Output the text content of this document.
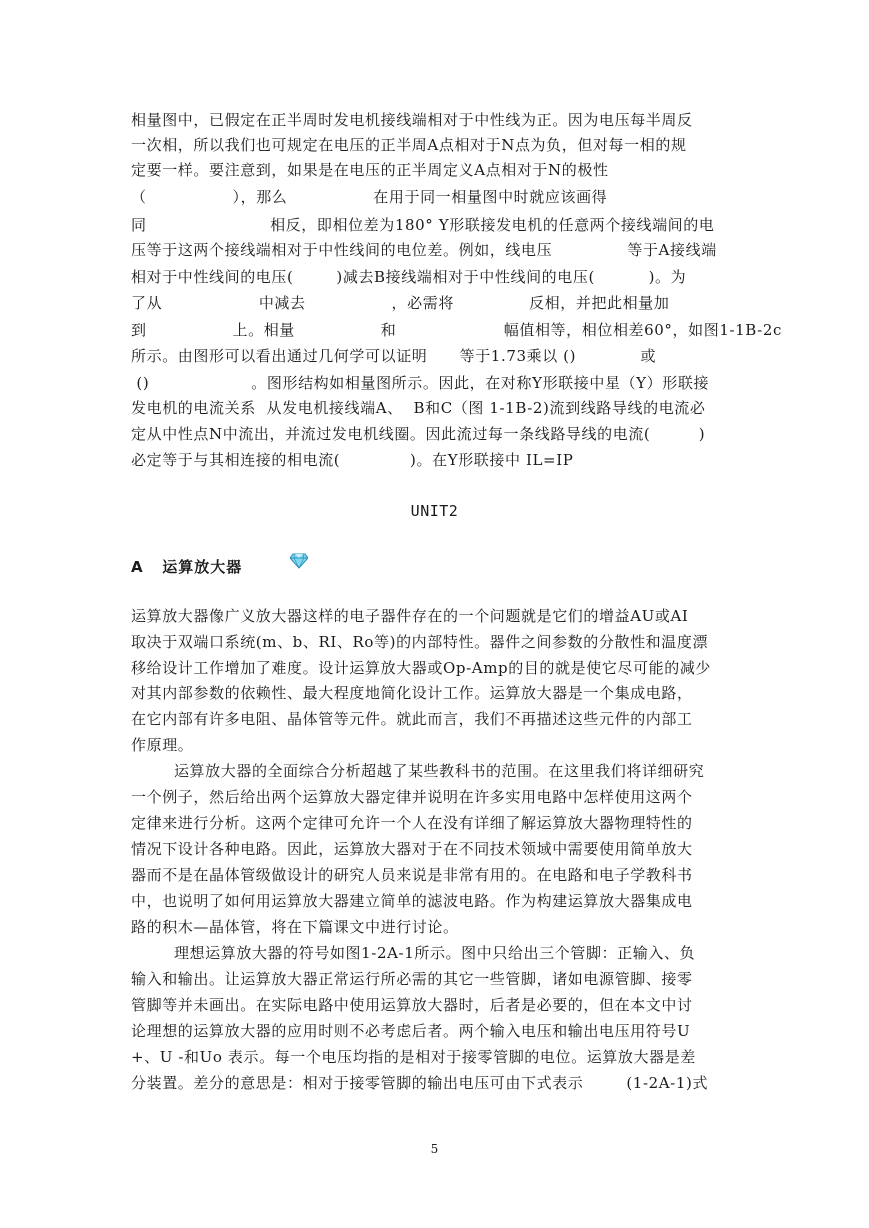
相量图中，已假定在正半周时发电机接线端相对于中性线为正。因为电压每半周反
一次相，所以我们也可规定在电压的正半周A点相对于N点为负，但对每一相的规
定要一样。要注意到，如果是在电压的正半周定义A点相对于N的极性
（                ），那么                在用于同一相量图中时就应该画得
同                       相反，即相位差为180° Y形联接发电机的任意两个接线端间的电
压等于这两个接线端相对于中性线间的电位差。例如，线电压              等于A接线端
相对于中性线间的电压(        )减去B接线端相对于中性线间的电压(          )。为
了从                  中减去                ，必需将              反相，并把此相量加
到                上。相量                和                    幅值相等，相位相差60°，如图1-1B-2c
所示。由图形可以看出通过几何学可以证明      等于1.73乘以 ()            或
()                   。图形结构如相量图所示。因此，在对称Y形联接中星（Y）形联接
发电机的电流关系  从发电机接线端A、  B和C（图 1-1B-2)流到线路导线的电流必
定从中性点N中流出，并流过发电机线圈。因此流过每一条线路导线的电流(         )
必定等于与其相连接的相电流(             )。在Y形联接中 IL=IP
UNIT2
A   运算放大器
运算放大器像广义放大器这样的电子器件存在的一个问题就是它们的增益AU或AI
取决于双端口系统(m、b、RI、Ro等)的内部特性。器件之间参数的分散性和温度漂
移给设计工作增加了难度。设计运算放大器或Op-Amp的目的就是使它尽可能的减少
对其内部参数的依赖性、最大程度地简化设计工作。运算放大器是一个集成电路，
在它内部有许多电阻、晶体管等元件。就此而言，我们不再描述这些元件的内部工
作原理。
运算放大器的全面综合分析超越了某些教科书的范围。在这里我们将详细研究
一个例子，然后给出两个运算放大器定律并说明在许多实用电路中怎样使用这两个
定律来进行分析。这两个定律可允许一个人在没有详细了解运算放大器物理特性的
情况下设计各种电路。因此，运算放大器对于在不同技术领域中需要使用简单放大
器而不是在晶体管级做设计的研究人员来说是非常有用的。在电路和电子学教科书
中，也说明了如何用运算放大器建立简单的滤波电路。作为构建运算放大器集成电
路的积木—晶体管，将在下篇课文中进行讨论。
理想运算放大器的符号如图1-2A-1所示。图中只给出三个管脚：正输入、负
输入和输出。让运算放大器正常运行所必需的其它一些管脚，诸如电源管脚、接零
管脚等并未画出。在实际电路中使用运算放大器时，后者是必要的，但在本文中讨
论理想的运算放大器的应用时则不必考虑后者。两个输入电压和输出电压用符号U
+、U -和Uo 表示。每一个电压均指的是相对于接零管脚的电位。运算放大器是差
分装置。差分的意思是：相对于接零管脚的输出电压可由下式表示        (1-2A-1)式
5
